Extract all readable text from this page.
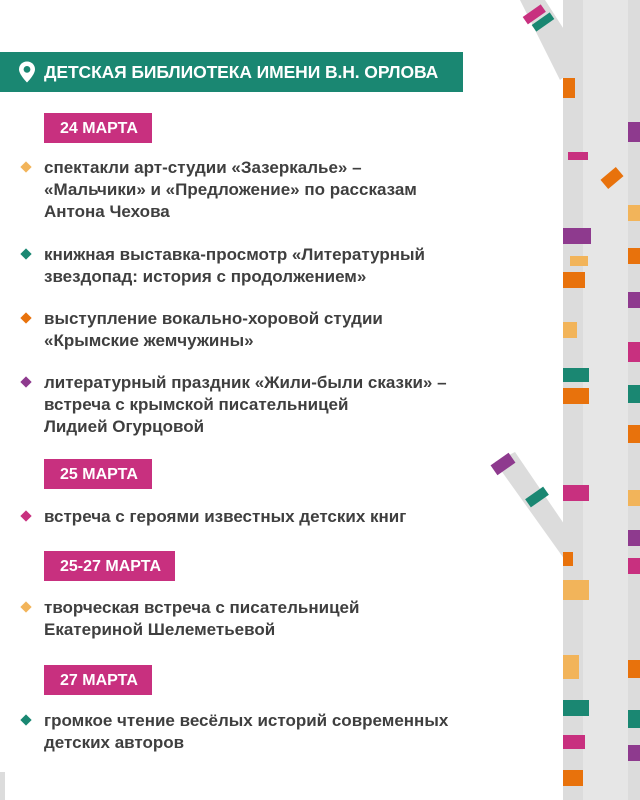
ДЕТСКАЯ БИБЛИОТЕКА ИМЕНИ В.Н. ОРЛОВА
24 МАРТА
спектакли арт-студии «Зазеркалье» –
«Мальчики» и «Предложение» по рассказам
Антона Чехова
книжная выставка-просмотр «Литературный
звездопад: история с продолжением»
выступление вокально-хоровой студии
«Крымские жемчужины»
литературный праздник «Жили-были сказки» –
встреча с крымской писательницей
Лидией Огурцовой
25 МАРТА
встреча с героями известных детских книг
25-27 МАРТА
творческая встреча с писательницей
Екатериной Шелеметьевой
27 МАРТА
громкое чтение весёлых историй современных
детских авторов
